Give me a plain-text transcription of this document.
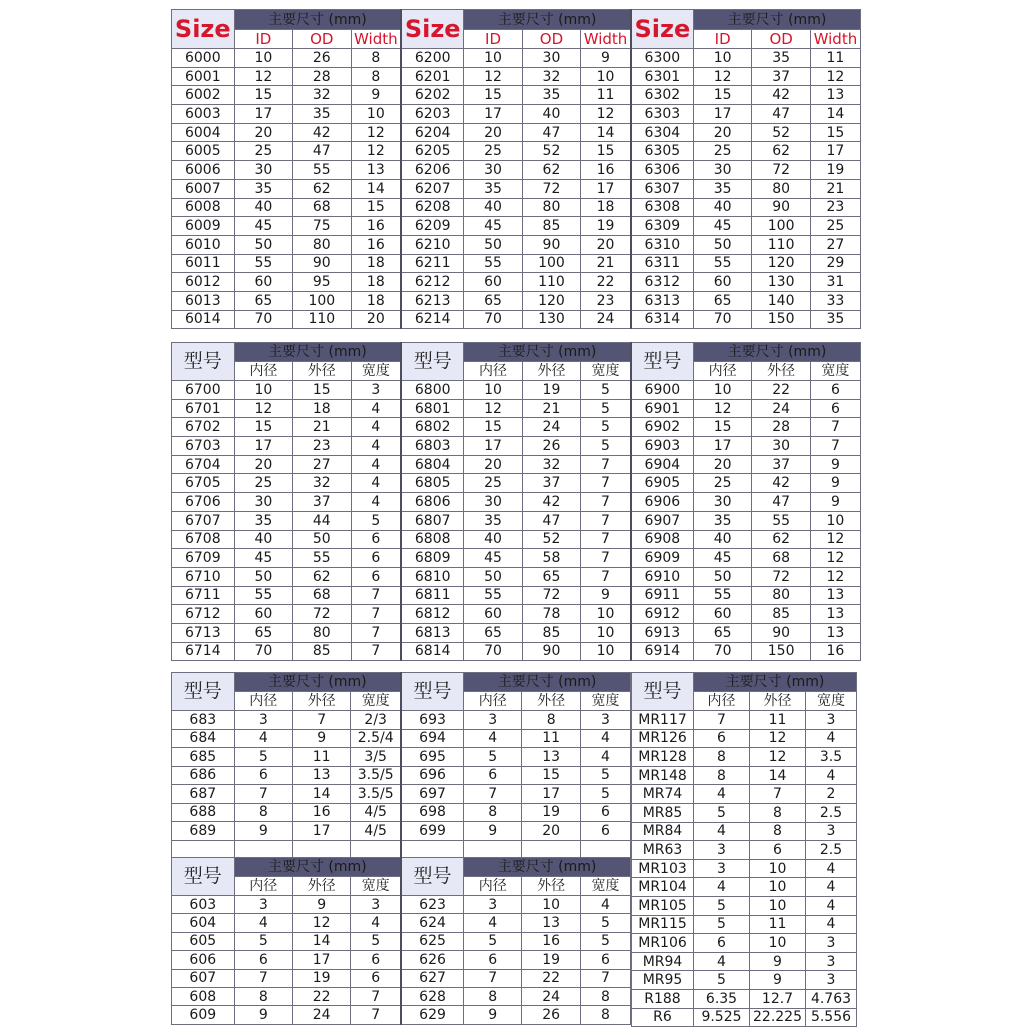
Size	主要尺寸 (mm)			Size	主要尺寸 (mm)			Size	主要尺寸 (mm)		
	ID	OD	Width		ID	OD	Width		ID	OD	Width
6000	10	26	8	6200	10	30	9	6300	10	35	11
6001	12	28	8	6201	12	32	10	6301	12	37	12
6002	15	32	9	6202	15	35	11	6302	15	42	13
6003	17	35	10	6203	17	40	12	6303	17	47	14
6004	20	42	12	6204	20	47	14	6304	20	52	15
6005	25	47	12	6205	25	52	15	6305	25	62	17
6006	30	55	13	6206	30	62	16	6306	30	72	19
6007	35	62	14	6207	35	72	17	6307	35	80	21
6008	40	68	15	6208	40	80	18	6308	40	90	23
6009	45	75	16	6209	45	85	19	6309	45	100	25
6010	50	80	16	6210	50	90	20	6310	50	110	27
6011	55	90	18	6211	55	100	21	6311	55	120	29
6012	60	95	18	6212	60	110	22	6312	60	130	31
6013	65	100	18	6213	65	120	23	6313	65	140	33
6014	70	110	20	6214	70	130	24	6314	70	150	35
型号	主要尺寸 (mm)			型号	主要尺寸 (mm)			型号	主要尺寸 (mm)		
	内径	外径	宽度		内径	外径	宽度		内径	外径	宽度
6700	10	15	3	6800	10	19	5	6900	10	22	6
6701	12	18	4	6801	12	21	5	6901	12	24	6
6702	15	21	4	6802	15	24	5	6902	15	28	7
6703	17	23	4	6803	17	26	5	6903	17	30	7
6704	20	27	4	6804	20	32	7	6904	20	37	9
6705	25	32	4	6805	25	37	7	6905	25	42	9
6706	30	37	4	6806	30	42	7	6906	30	47	9
6707	35	44	5	6807	35	47	7	6907	35	55	10
6708	40	50	6	6808	40	52	7	6908	40	62	12
6709	45	55	6	6809	45	58	7	6909	45	68	12
6710	50	62	6	6810	50	65	7	6910	50	72	12
6711	55	68	7	6811	55	72	9	6911	55	80	13
6712	60	72	7	6812	60	78	10	6912	60	85	13
6713	65	80	7	6813	65	85	10	6913	65	90	13
6714	70	85	7	6814	70	90	10	6914	70	150	16
型号	主要尺寸 (mm)			型号	主要尺寸 (mm)		
	内径	外径	宽度		内径	外径	宽度
683	3	7	2/3	693	3	8	3
684	4	9	2.5/4	694	4	11	4
685	5	11	3/5	695	5	13	4
686	6	13	3.5/5	696	6	15	5
687	7	14	3.5/5	697	7	17	5
688	8	16	4/5	698	8	19	6
689	9	17	4/5	699	9	20	6

型号	主要尺寸 (mm)			型号	主要尺寸 (mm)		
	内径	外径	宽度		内径	外径	宽度
603	3	9	3	623	3	10	4
604	4	12	4	624	4	13	5
605	5	14	5	625	5	16	5
606	6	17	6	626	6	19	6
607	7	19	6	627	7	22	7
608	8	22	7	628	8	24	8
609	9	24	7	629	9	26	8
型号	主要尺寸 (mm)		
	内径	外径	宽度
MR117	7	11	3
MR126	6	12	4
MR128	8	12	3.5
MR148	8	14	4
MR74	4	7	2
MR85	5	8	2.5
MR84	4	8	3
MR63	3	6	2.5
MR103	3	10	4
MR104	4	10	4
MR105	5	10	4
MR115	5	11	4
MR106	6	10	3
MR94	4	9	3
MR95	5	9	3
R188	6.35	12.7	4.763
R6	9.525	22.225	5.556
